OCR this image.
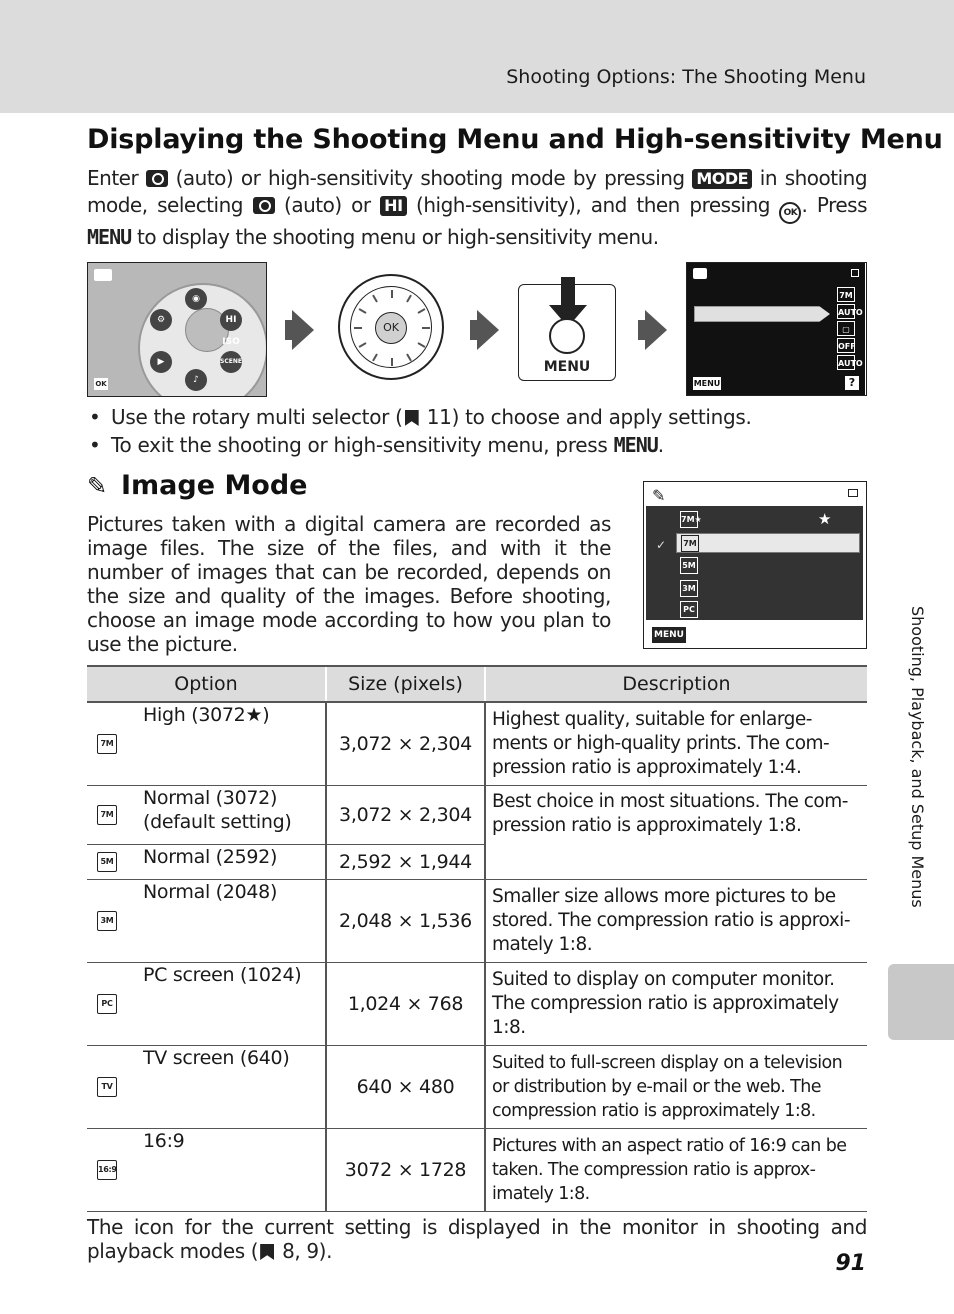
Shooting Options: The Shooting Menu
Shooting, Playback, and Setup Menus
Displaying the Shooting Menu and High-sensitivity Menu
Enter (auto) or high-sensitivity shooting mode by pressing MODE in shooting mode, selecting (auto) or HI (high-sensitivity), and then pressing OK . Press MENU to display the shooting menu or high-sensitivity menu.
◉
HI ISO
SCENE
♪
▶
⚙
OK
OK
MENU
7M
AUTO
▢
OFF
AUTO
MENU	?
• Use the rotary multi selector ( 11) to choose and apply settings.
• To exit the shooting or high-sensitivity menu, press MENU.
✎ Image Mode

Pictures taken with a digital camera are recorded as image files. The size of the files, and with it the number of images that can be recorded, depends on the size and quality of the images. Before shooting, choose an image mode according to how you plan to use the picture.

✎
7M★	★
7M
5M
3M
PC
✓
MENU
Option	Size (pixels)	Description

7M
High (3072★)	3,072 × 2,304	Highest quality, suitable for enlarge-ments or high-quality prints. The com-pression ratio is approximately 1:4.

7M
Normal (3072) (default setting)	3,072 × 2,304	Best choice in most situations. The com-pression ratio is approximately 1:8.

5M Normal (2592)	2,592 × 1,944	

3M
Normal (2048)	2,048 × 1,536	Smaller size allows more pictures to be stored. The compression ratio is approxi-mately 1:8.

PC
PC screen (1024)	1,024 × 768	Suited to display on computer monitor. The compression ratio is approximately 1:8.

TV
TV screen (640)	640 × 480	Suited to full-screen display on a television or distribution by e-mail or the web. The compression ratio is approximately 1:8.

16:9
16:9	3072 × 1728	Pictures with an aspect ratio of 16:9 can be taken. The compression ratio is approx-imately 1:8.

The icon for the current setting is displayed in the monitor in shooting and playback modes ( 8, 9).	91
